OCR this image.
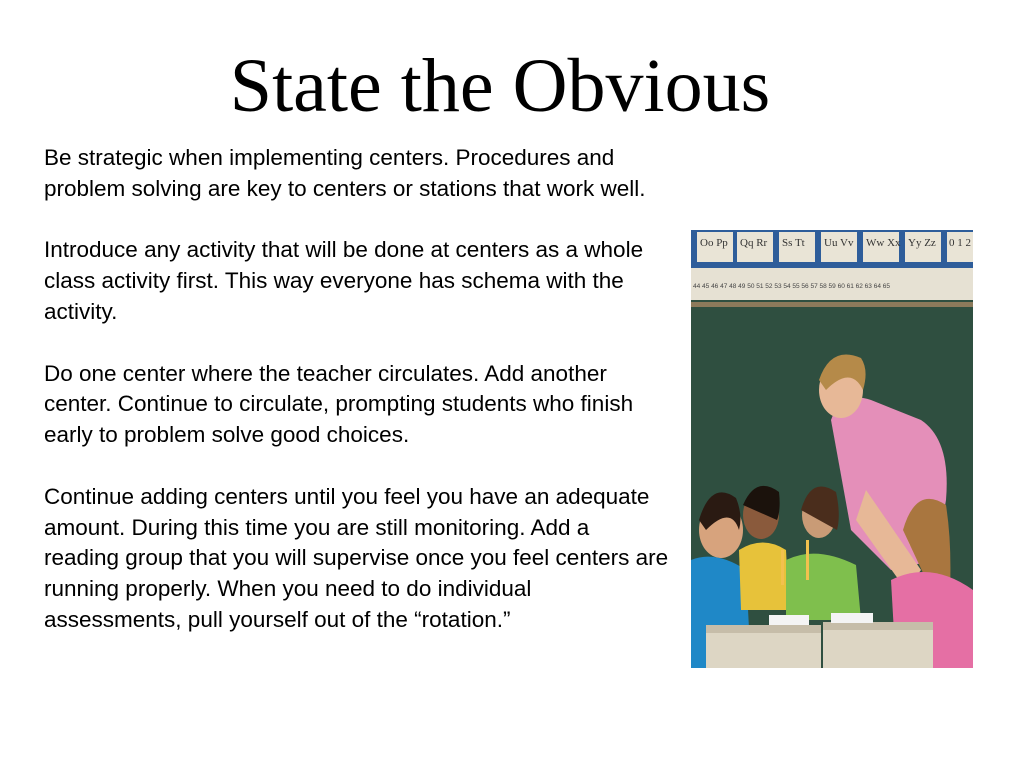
State the Obvious

Be strategic when implementing centers. Procedures and problem solving are key to centers or stations that work well.

Introduce any activity that will be done at centers as a whole class activity first. This way everyone has schema with the activity.

Do one center where the teacher circulates. Add another center. Continue to circulate, prompting students who finish early to problem solve good choices.

Continue adding centers until you feel you have an adequate amount. During this time you are still monitoring. Add a reading group that you will supervise once you feel centers are running properly. When you need to do individual assessments, pull yourself out of the “rotation.”

Oo Pp Qq Rr Ss Tt Uu Vv Ww Xx Yy Zz 0 1 2
44 45 46 47 48 49 50 51 52 53 54 55 56 57 58 59 60 61 62 63 64 65
